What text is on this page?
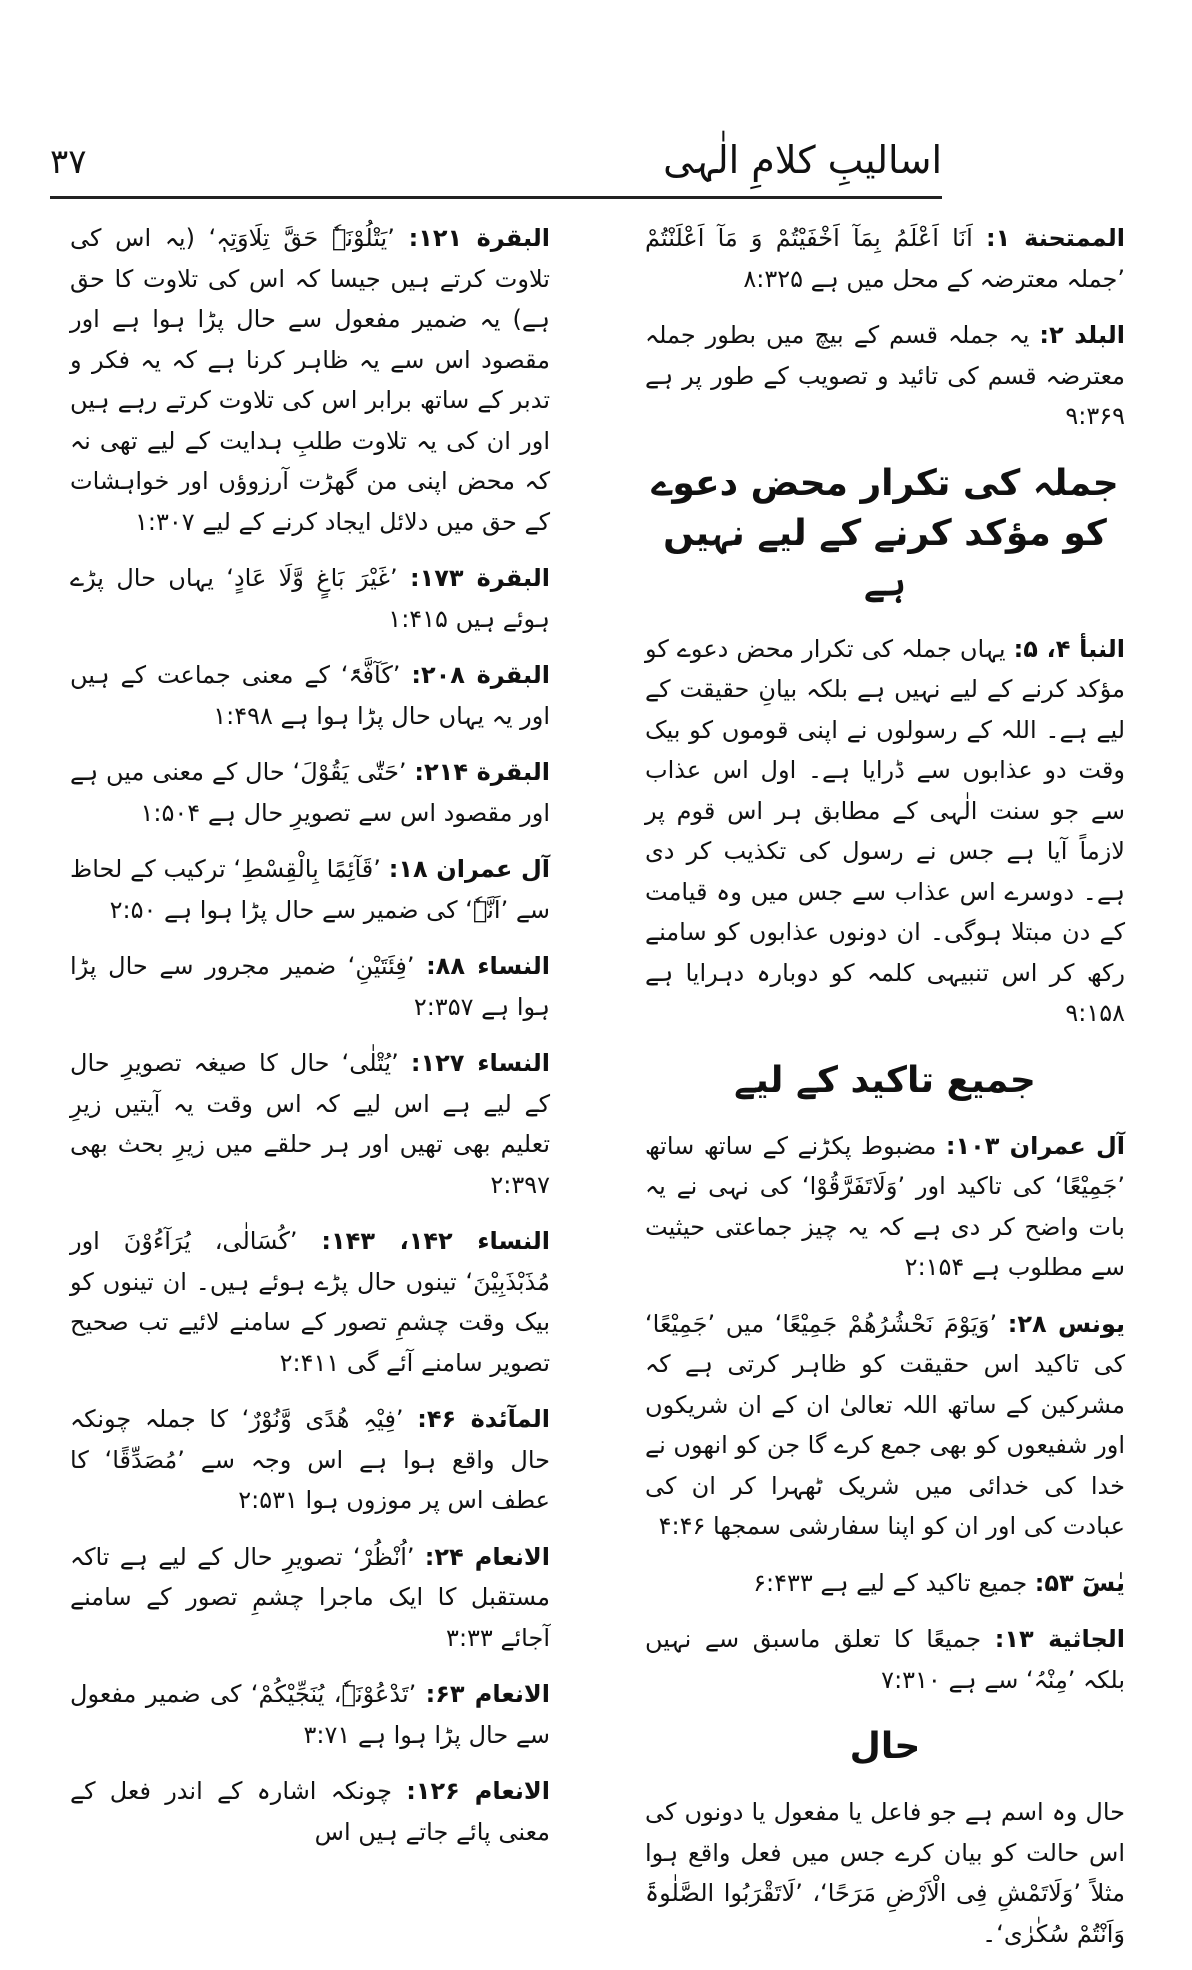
اسالیبِ کلامِ الٰہی
۳۷

الممتحنة ۱: اَنَا اَعْلَمُ بِمَآ اَخْفَیْتُمْ وَ مَآ اَعْلَنْتُمْ ’جملہ معترضہ کے محل میں ہے ۸:۳۲۵

البلد ۲: یہ جملہ قسم کے بیچ میں بطور جملہ معترضہ قسم کی تائید و تصویب کے طور پر ہے ۹:۳۶۹

جملہ کی تکرار محض دعوے کو مؤکد کرنے کے لیے نہیں ہے

النبأ ۴، ۵: یہاں جملہ کی تکرار محض دعوے کو مؤکد کرنے کے لیے نہیں ہے بلکہ بیانِ حقیقت کے لیے ہے۔ اللہ کے رسولوں نے اپنی قوموں کو بیک وقت دو عذابوں سے ڈرایا ہے۔ اول اس عذاب سے جو سنت الٰہی کے مطابق ہر اس قوم پر لازماً آیا ہے جس نے رسول کی تکذیب کر دی ہے۔ دوسرے اس عذاب سے جس میں وہ قیامت کے دن مبتلا ہوگی۔ ان دونوں عذابوں کو سامنے رکھ کر اس تنبیہی کلمہ کو دوبارہ دہرایا ہے ۹:۱۵۸

جمیع تاکید کے لیے

آل عمران ۱۰۳: مضبوط پکڑنے کے ساتھ ساتھ ’جَمِیْعًا‘ کی تاکید اور ’وَلَاتَفَرَّقُوْا‘ کی نہی نے یہ بات واضح کر دی ہے کہ یہ چیز جماعتی حیثیت سے مطلوب ہے ۲:۱۵۴

یونس ۲۸: ’وَیَوْمَ نَحْشُرُھُمْ جَمِیْعًا‘ میں ’جَمِیْعًا‘ کی تاکید اس حقیقت کو ظاہر کرتی ہے کہ مشرکین کے ساتھ اللہ تعالیٰ ان کے ان شریکوں اور شفیعوں کو بھی جمع کرے گا جن کو انھوں نے خدا کی خدائی میں شریک ٹھہرا کر ان کی عبادت کی اور ان کو اپنا سفارشی سمجھا ۴:۴۶

یٰسٓ ۵۳: جمیع تاکید کے لیے ہے ۶:۴۳۳

الجاثیة ۱۳: جمیعًا کا تعلق ماسبق سے نہیں بلکہ ’مِنْہُ‘ سے ہے ۷:۳۱۰

حال

حال وہ اسم ہے جو فاعل یا مفعول یا دونوں کی اس حالت کو بیان کرے جس میں فعل واقع ہوا مثلاً ’وَلَاتَمْشِ فِی الْاَرْضِ مَرَحًا‘، ’لَاتَقْرَبُوا الصَّلٰوۃَ وَاَنْتُمْ سُکٰرٰی‘۔

البقرة ۱۲۱: ’یَتْلُوْنَہٗ حَقَّ تِلَاوَتِہٖ‘ (یہ اس کی تلاوت کرتے ہیں جیسا کہ اس کی تلاوت کا حق ہے) یہ ضمیر مفعول سے حال پڑا ہوا ہے اور مقصود اس سے یہ ظاہر کرنا ہے کہ یہ فکر و تدبر کے ساتھ برابر اس کی تلاوت کرتے رہے ہیں اور ان کی یہ تلاوت طلبِ ہدایت کے لیے تھی نہ کہ محض اپنی من گھڑت آرزوؤں اور خواہشات کے حق میں دلائل ایجاد کرنے کے لیے ۱:۳۰۷

البقرة ۱۷۳: ’غَیْرَ بَاغٍ وَّلَا عَادٍ‘ یہاں حال پڑے ہوئے ہیں ۱:۴۱۵

البقرة ۲۰۸: ’کَآفَّۃً‘ کے معنی جماعت کے ہیں اور یہ یہاں حال پڑا ہوا ہے ۱:۴۹۸

البقرة ۲۱۴: ’حَتّٰی یَقُوْلَ‘ حال کے معنی میں ہے اور مقصود اس سے تصویرِ حال ہے ۱:۵۰۴

آل عمران ۱۸: ’قَآئِمًا بِالْقِسْطِ‘ ترکیب کے لحاظ سے ’اَنَّہٗ‘ کی ضمیر سے حال پڑا ہوا ہے ۲:۵۰

النساء ۸۸: ’فِئَتَیْنِ‘ ضمیر مجرور سے حال پڑا ہوا ہے ۲:۳۵۷

النساء ۱۲۷: ’یُتْلٰی‘ حال کا صیغہ تصویرِ حال کے لیے ہے اس لیے کہ اس وقت یہ آیتیں زیرِ تعلیم بھی تھیں اور ہر حلقے میں زیرِ بحث بھی ۲:۳۹۷

النساء ۱۴۲، ۱۴۳: ’کُسَالٰی، یُرَآءُوْنَ اور مُذَبْذَبِیْنَ‘ تینوں حال پڑے ہوئے ہیں۔ ان تینوں کو بیک وقت چشمِ تصور کے سامنے لائیے تب صحیح تصویر سامنے آئے گی ۲:۴۱۱

المآئدة ۴۶: ’فِیْہِ ھُدًی وَّنُوْرٌ‘ کا جملہ چونکہ حال واقع ہوا ہے اس وجہ سے ’مُصَدِّقًا‘ کا عطف اس پر موزوں ہوا ۲:۵۳۱

الانعام ۲۴: ’اُنْظُرْ‘ تصویرِ حال کے لیے ہے تاکہ مستقبل کا ایک ماجرا چشمِ تصور کے سامنے آجائے ۳:۳۳

الانعام ۶۳: ’تَدْعُوْنَہٗ، یُنَجِّیْکُمْ‘ کی ضمیر مفعول سے حال پڑا ہوا ہے ۳:۷۱

الانعام ۱۲۶: چونکہ اشارہ کے اندر فعل کے معنی پائے جاتے ہیں اس
